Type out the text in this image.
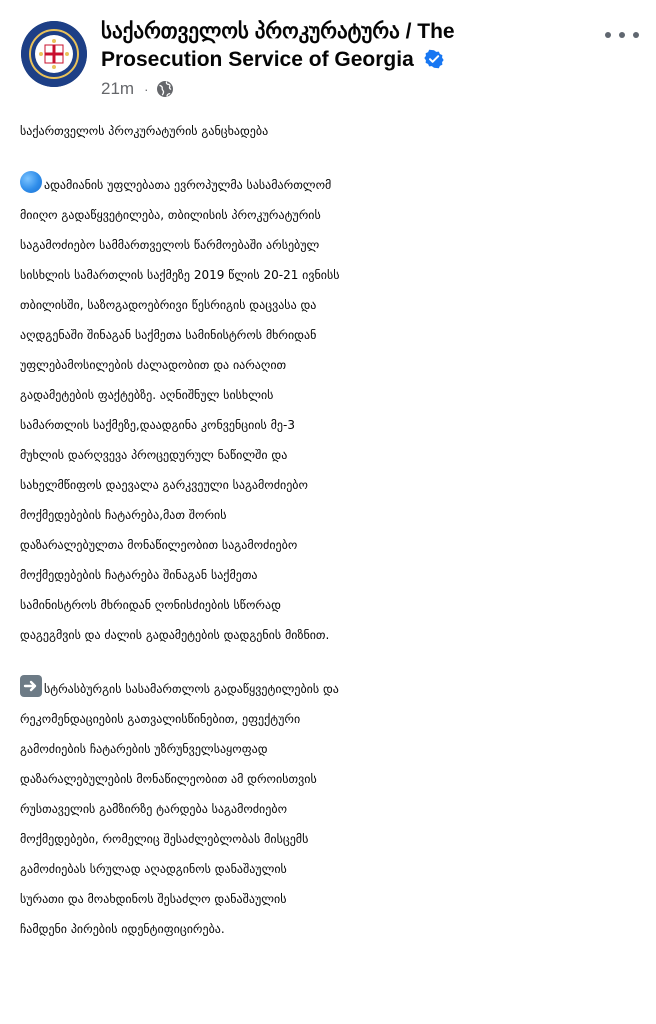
საქართველოს პროკურატურა / The Prosecution Service of Georgia
21m ·
საქართველოს პროკურატურის განცხადება
ადამიანის უფლებათა ევროპულმა სასამართლომ
მიიღო გადაწყვეტილება, თბილისის პროკურატურის
საგამოძიებო სამმართველოს წარმოებაში არსებულ
სისხლის სამართლის საქმეზე 2019 წლის 20-21 ივნისს
თბილისში, საზოგადოებრივი წესრიგის დაცვასა და
აღდგენაში შინაგან საქმეთა სამინისტროს მხრიდან
უფლებამოსილების ძალადობით და იარაღით
გადამეტების ფაქტებზე. აღნიშნულ სისხლის
სამართლის საქმეზე,დაადგინა კონვენციის მე-3
მუხლის დარღვევა პროცედურულ ნაწილში და
სახელმწიფოს დაევალა გარკვეული საგამოძიებო
მოქმედებების ჩატარება,მათ შორის
დაზარალებულთა მონაწილეობით საგამოძიებო
მოქმედებების ჩატარება შინაგან საქმეთა
სამინისტროს მხრიდან ღონისძიების სწორად
დაგეგმვის და ძალის გადამეტების დადგენის მიზნით.
სტრასბურგის სასამართლოს გადაწყვეტილების და
რეკომენდაციების გათვალისწინებით, ეფექტური
გამოძიების ჩატარების უზრუნველსაყოფად
დაზარალებულების მონაწილეობით ამ დროისთვის
რუსთაველის გამზირზე ტარდება საგამოძიებო
მოქმედებები, რომელიც შესაძლებლობას მისცემს
გამოძიებას სრულად აღადგინოს დანაშაულის
სურათი და მოახდინოს შესაძლო დანაშაულის
ჩამდენი პირების იდენტიფიცირება.
